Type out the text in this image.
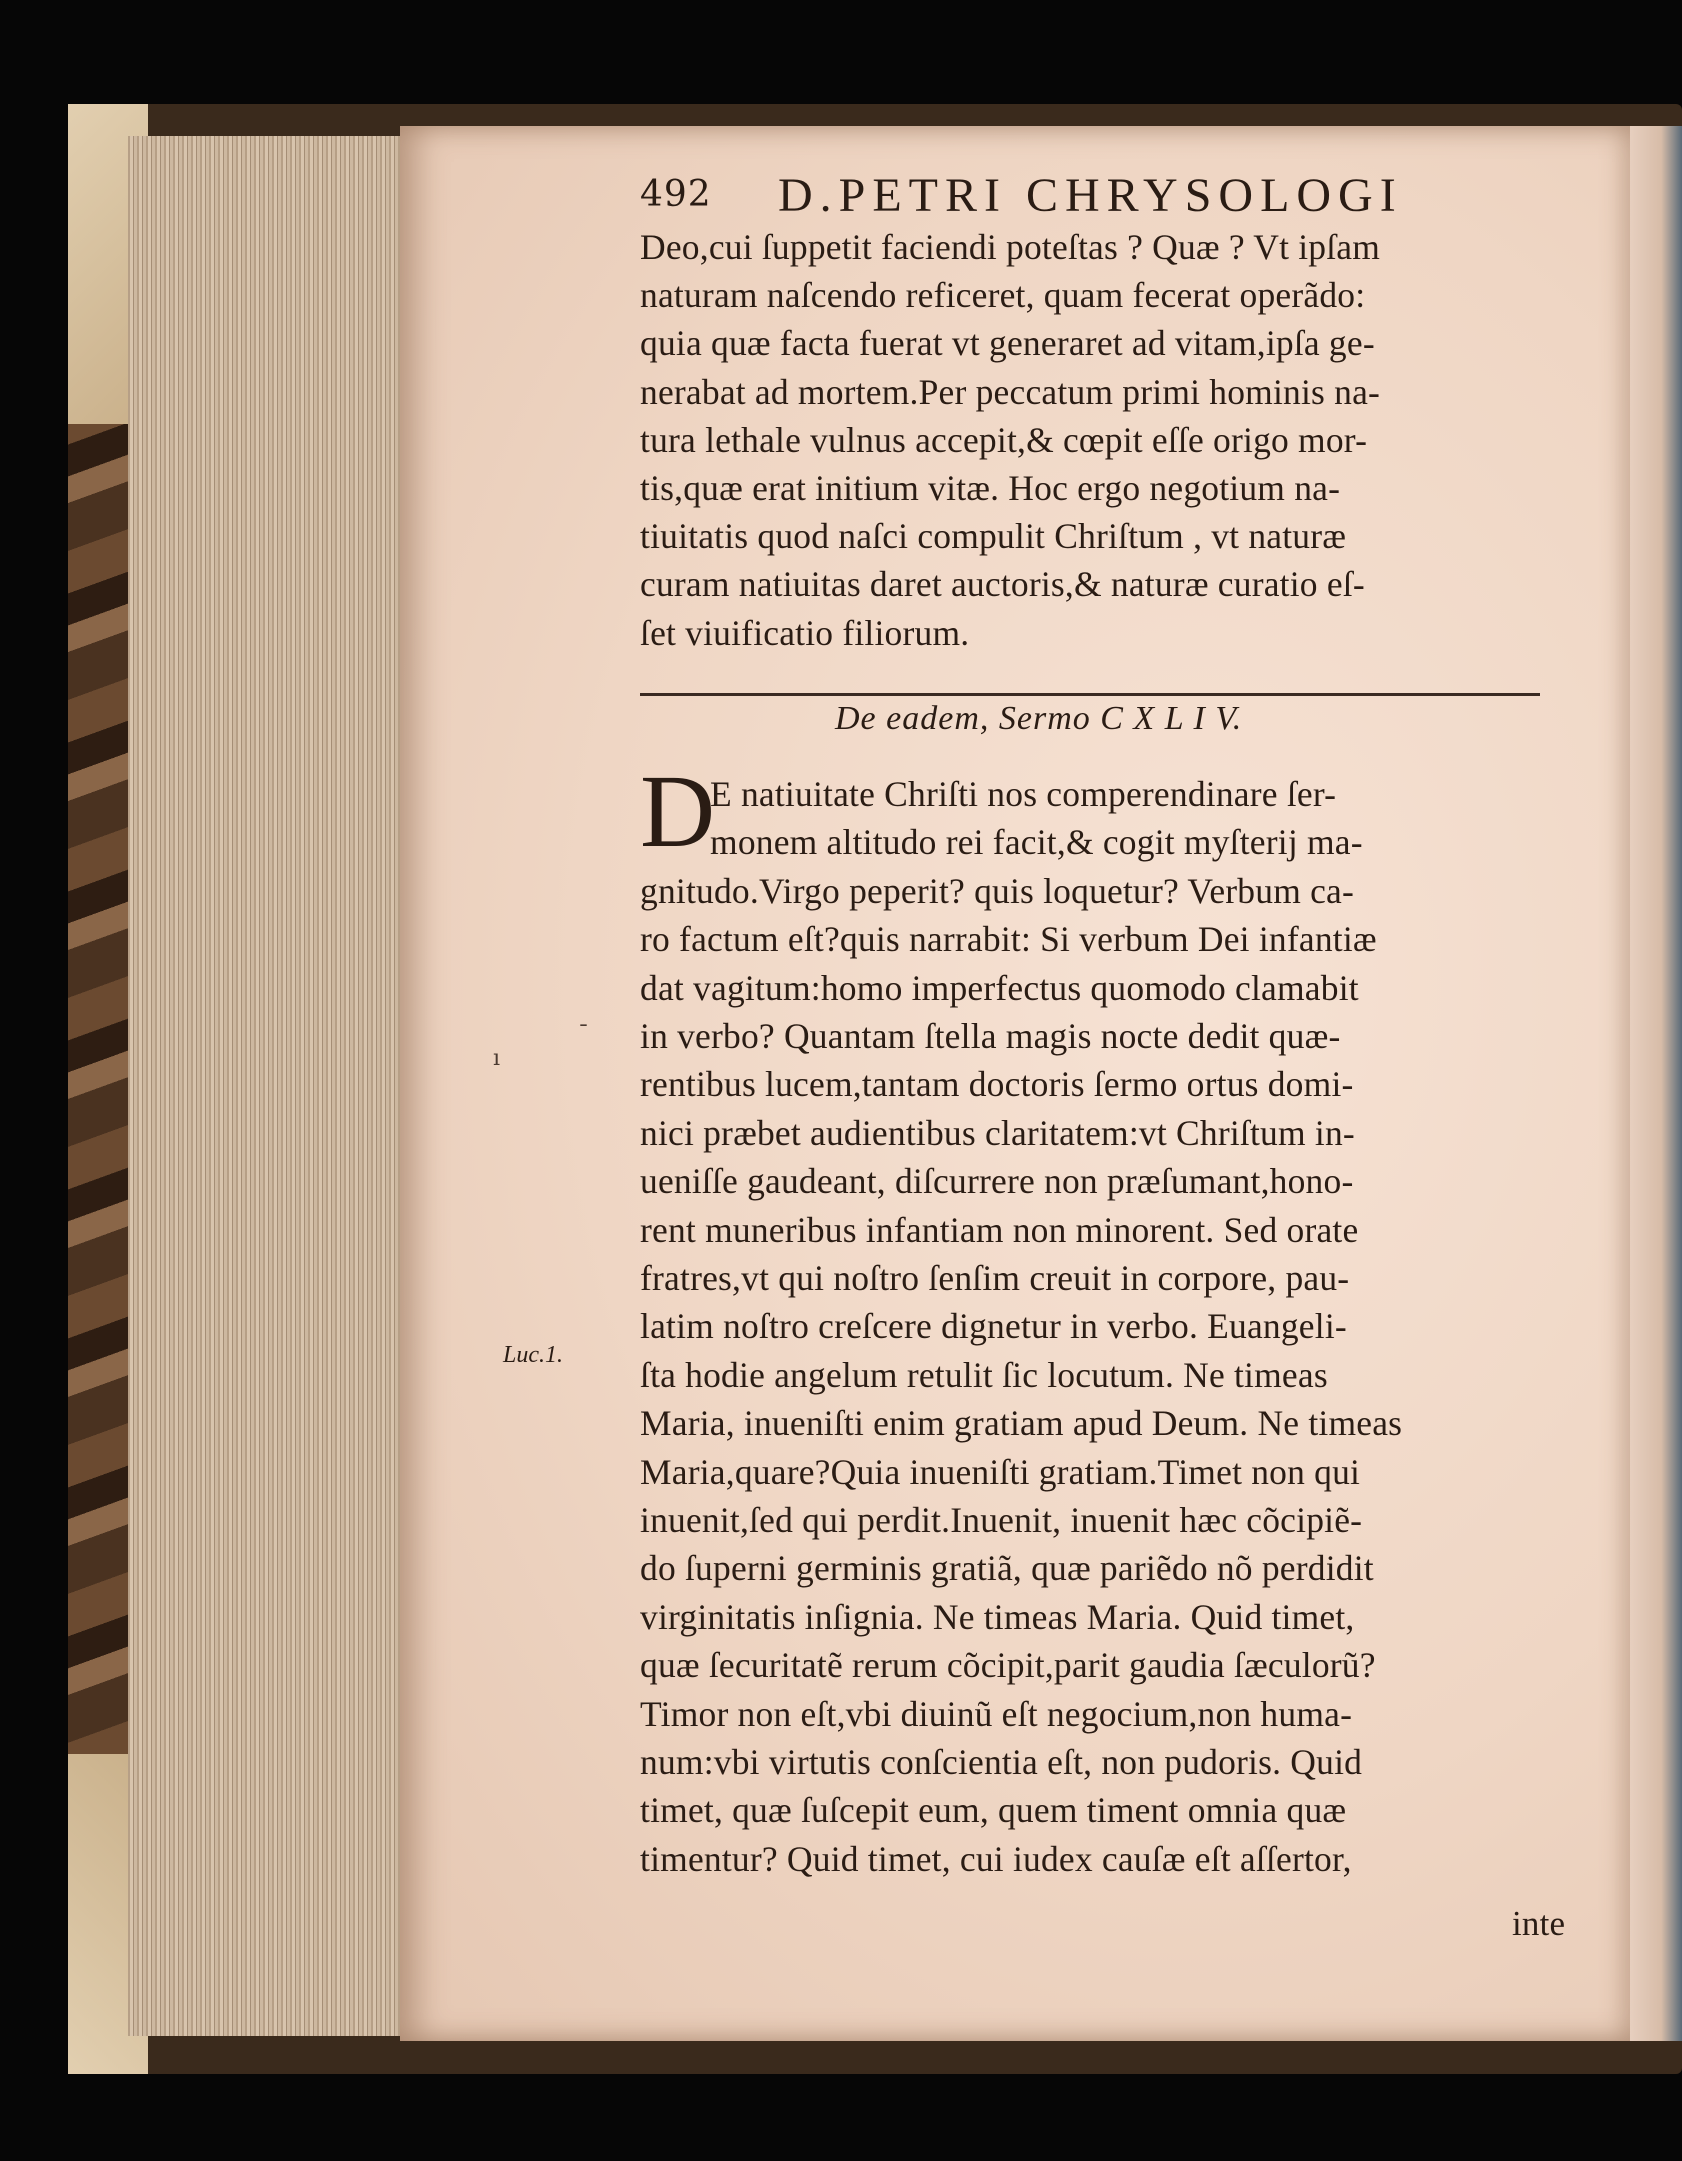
492 D.PETRI CHRYSOLOGI
Deo,cui ſuppetit faciendi poteſtas ? Quæ ? Vt ipſam
naturam naſcendo reficeret, quam fecerat operãdo:
quia quæ facta fuerat vt generaret ad vitam,ipſa ge-
nerabat ad mortem.Per peccatum primi hominis na-
tura lethale vulnus accepit,& cœpit eſſe origo mor-
tis,quæ erat initium vitæ. Hoc ergo negotium na-
tiuitatis quod naſci compulit Chriſtum , vt naturæ
curam natiuitas daret auctoris,& naturæ curatio eſ-
ſet viuificatio filiorum.
De eadem, Sermo C X L I V.
D
E natiuitate Chriſti nos comperendinare ſer-
monem altitudo rei facit,& cogit myſterij ma-
gnitudo.Virgo peperit? quis loquetur? Verbum ca-
ro factum eſt?quis narrabit: Si verbum Dei infantiæ
dat vagitum:homo imperfectus quomodo clamabit
in verbo? Quantam ſtella magis nocte dedit quæ-
rentibus lucem,tantam doctoris ſermo ortus domi-
nici præbet audientibus claritatem:vt Chriſtum in-
ueniſſe gaudeant, diſcurrere non præſumant,hono-
rent muneribus infantiam non minorent. Sed orate
fratres,vt qui noſtro ſenſim creuit in corpore, pau-
latim noſtro creſcere dignetur in verbo. Euangeli-
ſta hodie angelum retulit ſic locutum. Ne timeas
Maria, inueniſti enim gratiam apud Deum. Ne timeas
Maria,quare?Quia inueniſti gratiam.Timet non qui
inuenit,ſed qui perdit.Inuenit, inuenit hæc cõcipiẽ-
do ſuperni germinis gratiã, quæ pariẽdo nõ perdidit
virginitatis inſignia. Ne timeas Maria. Quid timet,
quæ ſecuritatẽ rerum cõcipit,parit gaudia ſæculorũ?
Timor non eſt,vbi diuinũ eſt negocium,non huma-
num:vbi virtutis conſcientia eſt, non pudoris. Quid
timet, quæ ſuſcepit eum, quem timent omnia quæ
timentur? Quid timet, cui iudex cauſæ eſt aſſertor,
inte
Luc.1.
ˉ
ı
